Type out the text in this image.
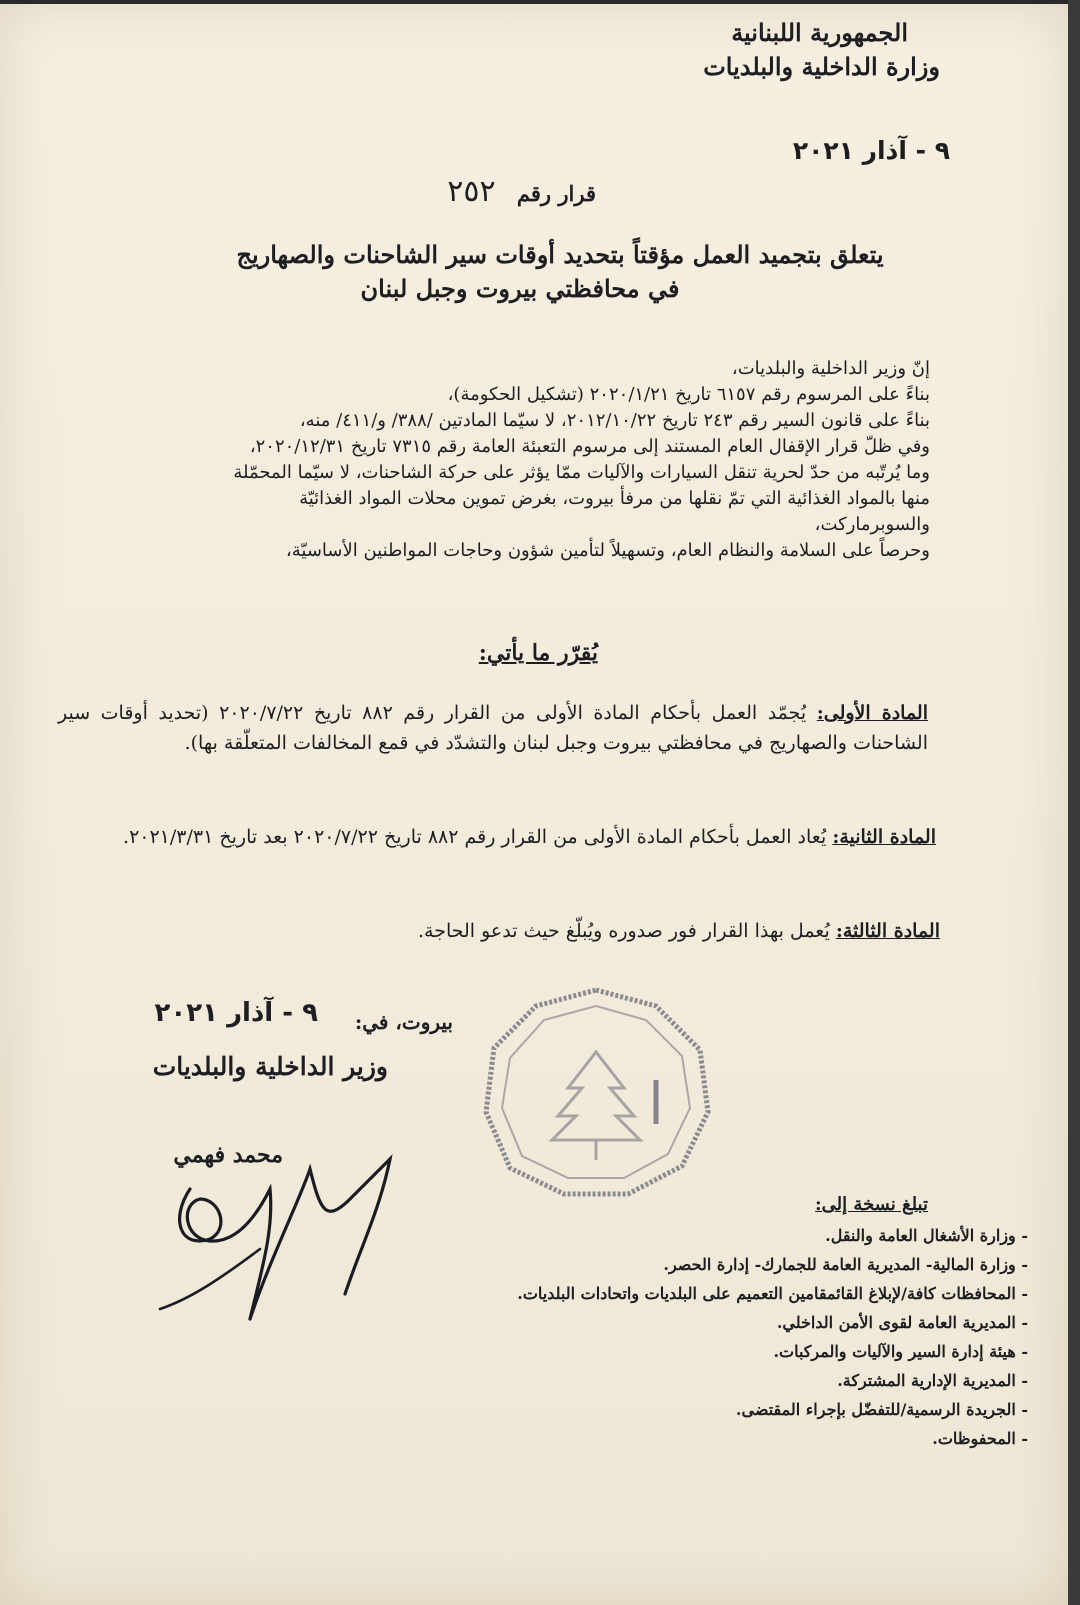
الجمهورية اللبنانية
وزارة الداخلية والبلديات
٩ - آذار ٢٠٢١
قرار رقم ٢٥٢
يتعلق بتجميد العمل مؤقتاً بتحديد أوقات سير الشاحنات والصهاريج
في محافظتي بيروت وجبل لبنان
إنّ وزير الداخلية والبلديات،
بناءً على المرسوم رقم ٦١٥٧ تاريخ ٢٠٢٠/١/٢١ (تشكيل الحكومة)،
بناءً على قانون السير رقم ٢٤٣ تاريخ ٢٠١٢/١٠/٢٢، لا سيّما المادتين /٣٨٨/ و/٤١١/ منه،
وفي ظلّ قرار الإقفال العام المستند إلى مرسوم التعبئة العامة رقم ٧٣١٥ تاريخ ٢٠٢٠/١٢/٣١،
وما يُرتّبه من حدّ لحرية تنقل السيارات والآليات ممّا يؤثر على حركة الشاحنات، لا سيّما المحمّلة
منها بالمواد الغذائية التي تمّ نقلها من مرفأ بيروت، بغرض تموين محلات المواد الغذائيّة
والسوبرماركت،
وحرصاً على السلامة والنظام العام، وتسهيلاً لتأمين شؤون وحاجات المواطنين الأساسيّة،
يُقرّر ما يأتي:
المادة الأولى: يُجمّد العمل بأحكام المادة الأولى من القرار رقم ٨٨٢ تاريخ ٢٠٢٠/٧/٢٢ (تحديد أوقات سير الشاحنات والصهاريج في محافظتي بيروت وجبل لبنان والتشدّد في قمع المخالفات المتعلّقة بها).
المادة الثانية: يُعاد العمل بأحكام المادة الأولى من القرار رقم ٨٨٢ تاريخ ٢٠٢٠/٧/٢٢ بعد تاريخ ٢٠٢١/٣/٣١.
المادة الثالثة: يُعمل بهذا القرار فور صدوره ويُبلّغ حيث تدعو الحاجة.
٩ - آذار ٢٠٢١ بيروت، في:
وزير الداخلية والبلديات
محمد فهمي
تبلغ نسخة إلى:
- وزارة الأشغال العامة والنقل.
- وزارة المالية- المديرية العامة للجمارك- إدارة الحصر.
- المحافظات كافة/لإبلاغ القائمقامين التعميم على البلديات واتحادات البلديات.
- المديرية العامة لقوى الأمن الداخلي.
- هيئة إدارة السير والآليات والمركبات.
- المديرية الإدارية المشتركة.
- الجريدة الرسمية/للتفضّل بإجراء المقتضى.
- المحفوظات.
